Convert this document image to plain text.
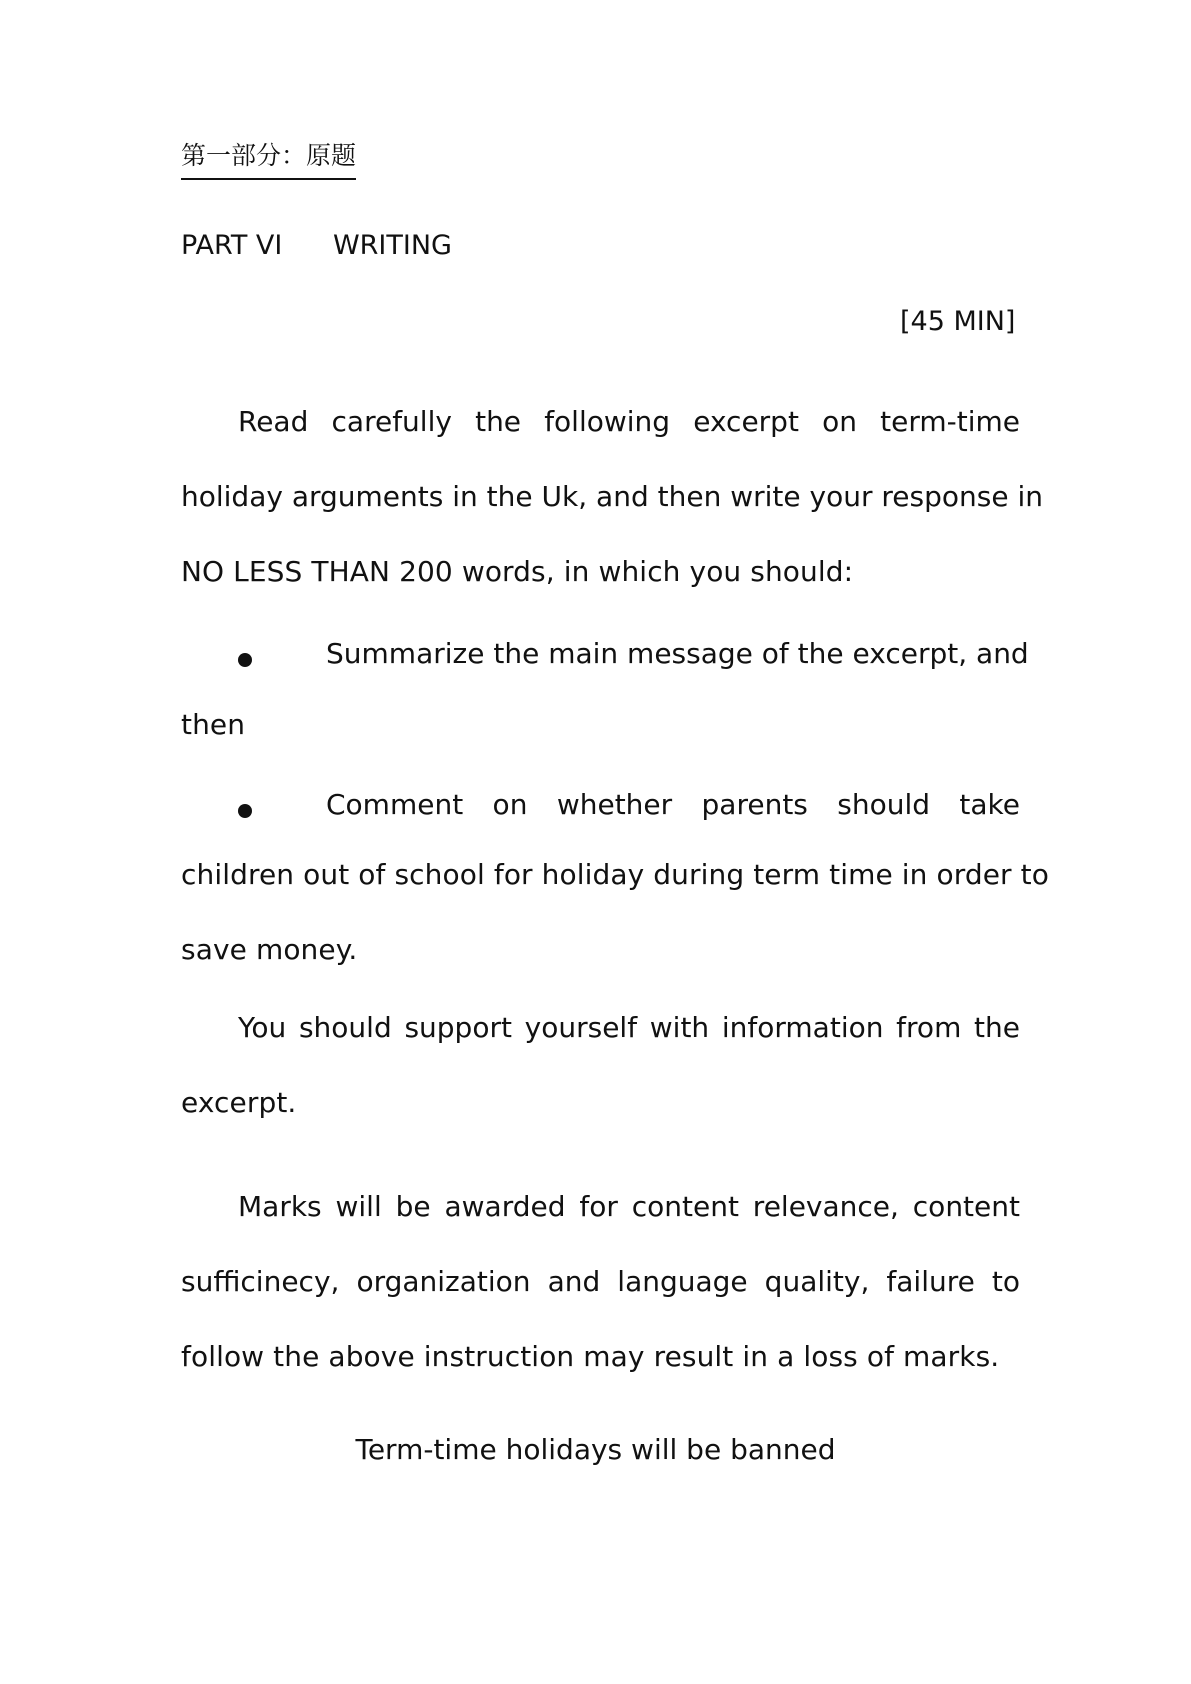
第一部分：原题
PART VI WRITING
[45 MIN]
Read carefully the following excerpt on term-time
holiday arguments in the Uk, and then write your response in
NO LESS THAN 200 words, in which you should:
Summarize the main message of the excerpt, and
then
Comment on whether parents should take
children out of school for holiday during term time in order to
save money.
You should support yourself with information from the
excerpt.
Marks will be awarded for content relevance, content
sufficinecy, organization and language quality, failure to
follow the above instruction may result in a loss of marks.
Term-time holidays will be banned
